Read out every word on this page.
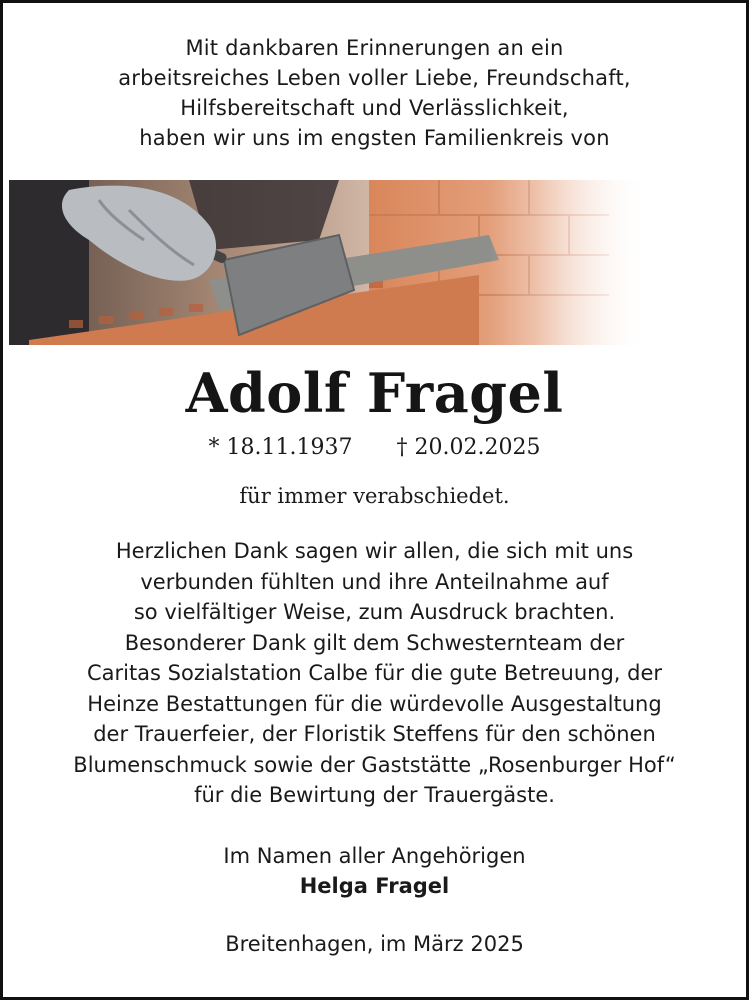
Mit dankbaren Erinnerungen an ein
arbeitsreiches Leben voller Liebe, Freundschaft,
Hilfsbereitschaft und Verlässlichkeit,
haben wir uns im engsten Familienkreis von
Adolf Fragel
* 18.11.1937 † 20.02.2025
für immer verabschiedet.
Herzlichen Dank sagen wir allen, die sich mit uns
verbunden fühlten und ihre Anteilnahme auf
so vielfältiger Weise, zum Ausdruck brachten.
Besonderer Dank gilt dem Schwesternteam der
Caritas Sozialstation Calbe für die gute Betreuung, der
Heinze Bestattungen für die würdevolle Ausgestaltung
der Trauerfeier, der Floristik Steffens für den schönen
Blumenschmuck sowie der Gaststätte „Rosenburger Hof“
für die Bewirtung der Trauergäste.
Im Namen aller Angehörigen
Helga Fragel
Breitenhagen, im März 2025
